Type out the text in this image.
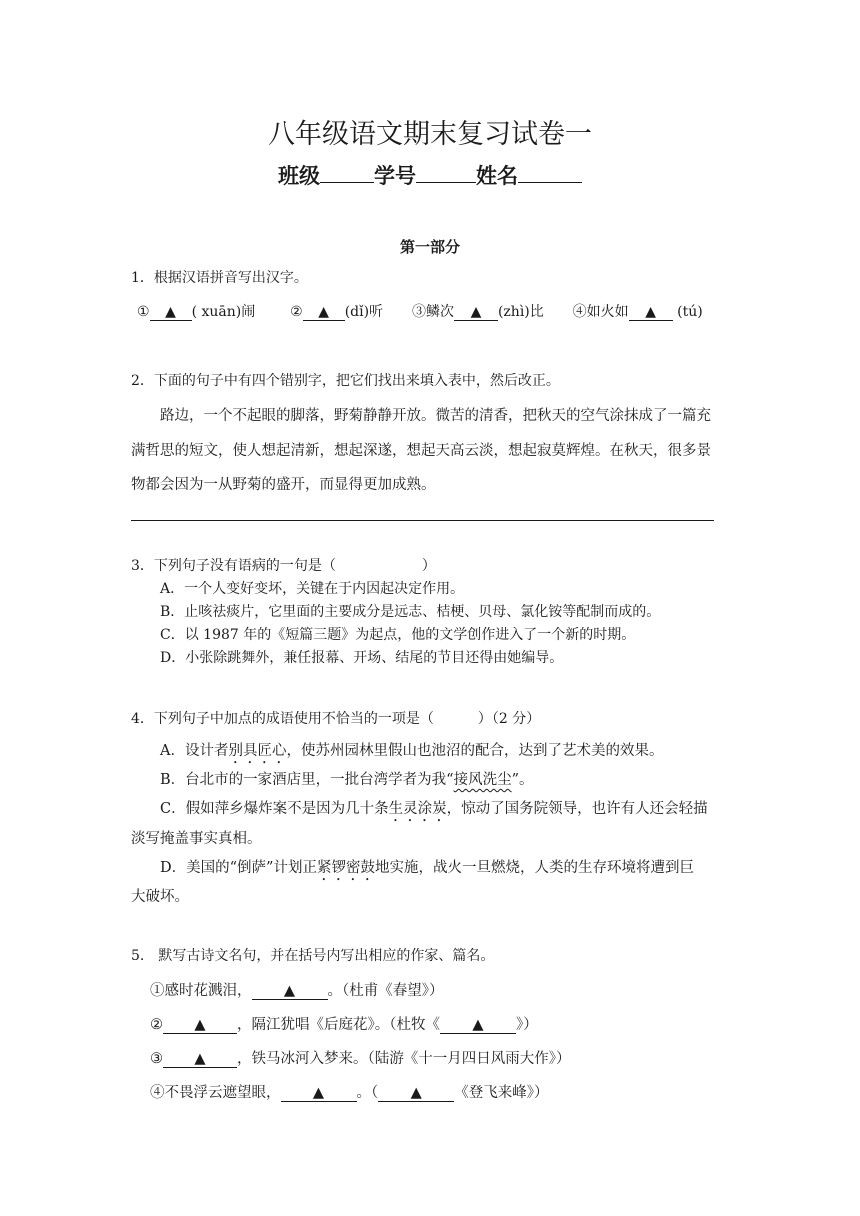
八年级语文期末复习试卷一
班级	学号	姓名
第一部分
1．根据汉语拼音写出汉字。
① ▲ ( xuān)闹 ② ▲ (dǐ)听 ③鳞次 ▲ (zhì)比 ④如火如 ▲ (tú)
2．下面的句子中有四个错别字，把它们找出来填入表中，然后改正。
路边，一个不起眼的脚落，野菊静静开放。微苦的清香，把秋天的空气涂抹成了一篇充
满哲思的短文，使人想起清新，想起深遂，想起天高云淡，想起寂莫辉煌。在秋天，很多景
物都会因为一从野菊的盛开，而显得更加成熟。
3．下列句子没有语病的一句是（	）
A．一个人变好变坏，关键在于内因起决定作用。
B．止咳祛痰片，它里面的主要成分是远志、桔梗、贝母、氯化铵等配制而成的。
C．以 1987 年的《短篇三题》为起点，他的文学创作进入了一个新的时期。
D．小张除跳舞外，兼任报幕、开场、结尾的节目还得由她编导。
4．下列句子中加点的成语使用不恰当的一项是（	）（2 分）
A．设计者别具匠心，使苏州园林里假山也池沼的配合，达到了艺术美的效果。
B．台北市的一家酒店里，一批台湾学者为我“接风洗尘”。
C．假如萍乡爆炸案不是因为几十条生灵涂炭，惊动了国务院领导，也许有人还会轻描
淡写掩盖事实真相。
D．美国的“倒萨”计划正紧锣密鼓地实施，战火一旦燃烧，人类的生存环境将遭到巨
大破坏。
5.　默写古诗文名句，并在括号内写出相应的作家、篇名。
①感时花溅泪， ▲ 。（杜甫《春望》）
② ▲ ，隔江犹唱《后庭花》。（杜牧《 ▲ 》）
③ ▲ ，铁马冰河入梦来。（陆游《十一月四日风雨大作》）
④不畏浮云遮望眼， ▲ 。（ ▲ 《登飞来峰》）
